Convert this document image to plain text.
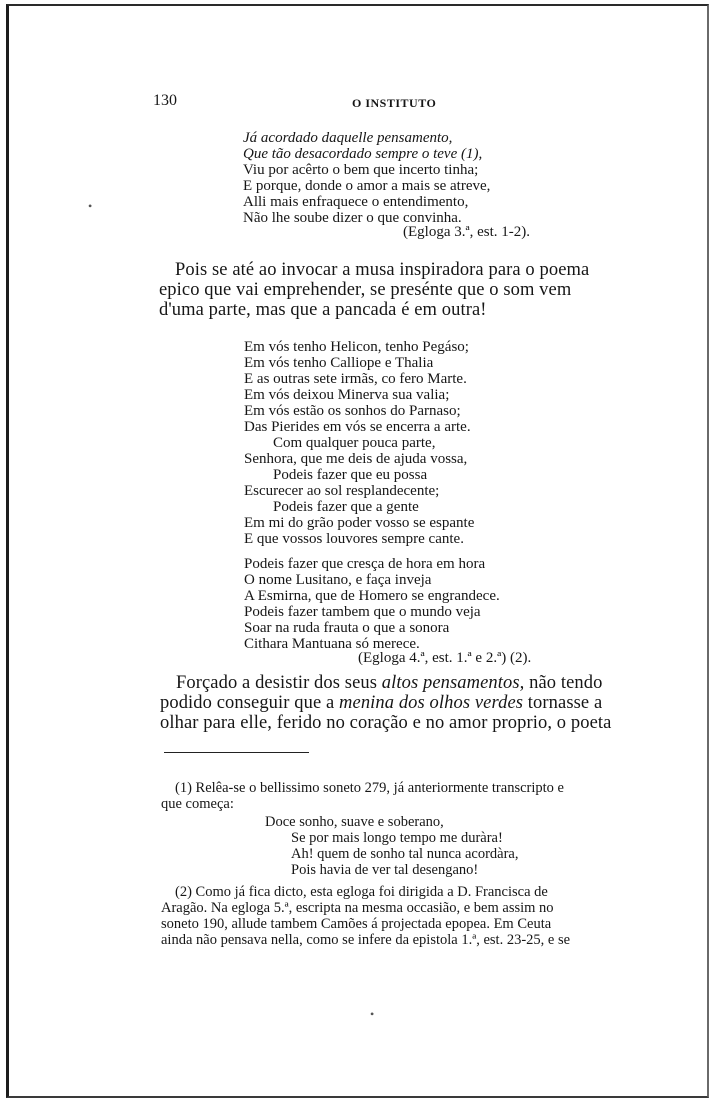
130	O INSTITUTO
Já acordado daquelle pensamento,
Que tão desacordado sempre o teve (1),
Viu por acêrto o bem que incerto tinha;
E porque, donde o amor a mais se atreve,
Alli mais enfraquece o entendimento,
Não lhe soube dizer o que convinha.
(Egloga 3.ª, est. 1-2).
Pois se até ao invocar a musa inspiradora para o poema
epico que vai emprehender, se presénte que o som vem
d'uma parte, mas que a pancada é em outra!
Em vós tenho Helicon, tenho Pegáso;
Em vós tenho Calliope e Thalia
E as outras sete irmãs, co fero Marte.
Em vós deixou Minerva sua valia;
Em vós estão os sonhos do Parnaso;
Das Pierides em vós se encerra a arte.
Com qualquer pouca parte,
Senhora, que me deis de ajuda vossa,
Podeis fazer que eu possa
Escurecer ao sol resplandecente;
Podeis fazer que a gente
Em mi do grão poder vosso se espante
E que vossos louvores sempre cante.
Podeis fazer que cresça de hora em hora
O nome Lusitano, e faça inveja
A Esmirna, que de Homero se engrandece.
Podeis fazer tambem que o mundo veja
Soar na ruda frauta o que a sonora
Cithara Mantuana só merece.
(Egloga 4.ª, est. 1.ª e 2.ª) (2).
Forçado a desistir dos seus altos pensamentos, não tendo
podido conseguir que a menina dos olhos verdes tornasse a
olhar para elle, ferido no coração e no amor proprio, o poeta
(1) Relêa-se o bellissimo soneto 279, já anteriormente transcripto e
que começa:
Doce sonho, suave e soberano,
Se por mais longo tempo me duràra!
Ah! quem de sonho tal nunca acordàra,
Pois havia de ver tal desengano!
(2) Como já fica dicto, esta egloga foi dirigida a D. Francisca de
Aragão. Na egloga 5.ª, escripta na mesma occasião, e bem assim no
soneto 190, allude tambem Camões á projectada epopea. Em Ceuta
ainda não pensava nella, como se infere da epistola 1.ª, est. 23-25, e se
•
•
